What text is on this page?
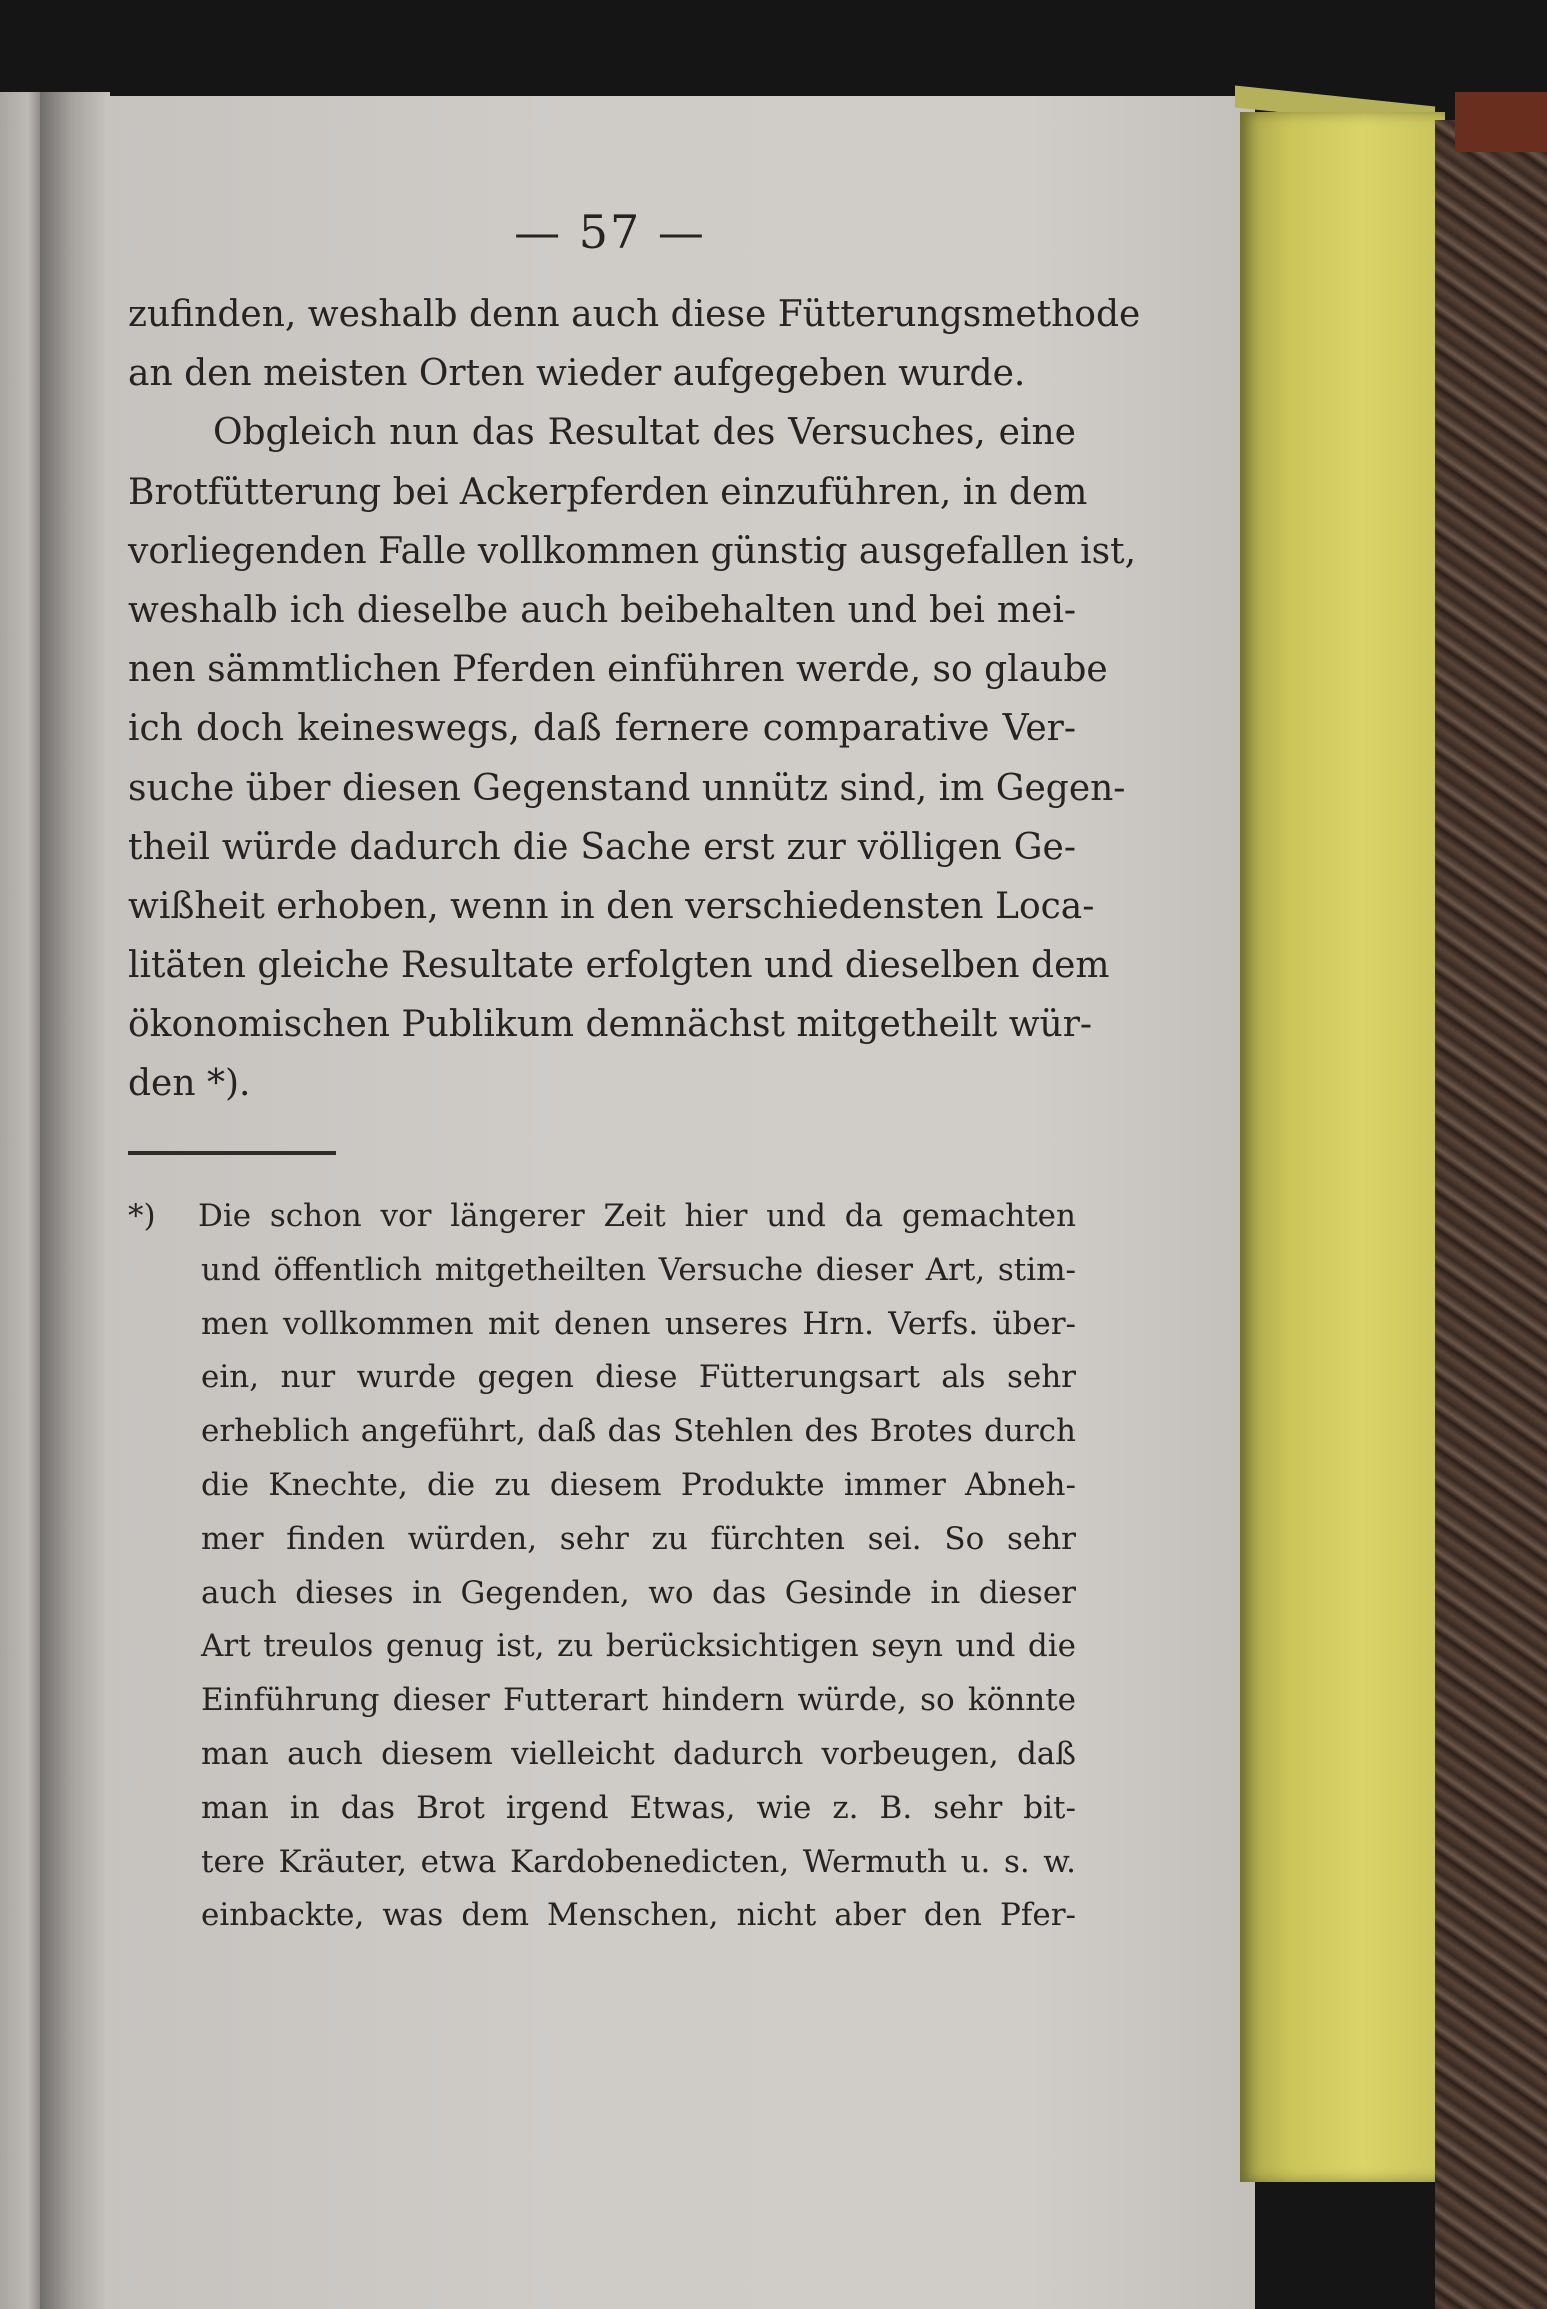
— 57 —
zufinden, weshalb denn auch diese Fütterungsmethode
an den meisten Orten wieder aufgegeben wurde.
Obgleich nun das Resultat des Versuches, eine
Brotfütterung bei Ackerpferden einzuführen, in dem
vorliegenden Falle vollkommen günstig ausgefallen ist,
weshalb ich dieselbe auch beibehalten und bei mei-
nen sämmtlichen Pferden einführen werde, so glaube
ich doch keineswegs, daß fernere comparative Ver-
suche über diesen Gegenstand unnütz sind, im Gegen-
theil würde dadurch die Sache erst zur völligen Ge-
wißheit erhoben, wenn in den verschiedensten Loca-
litäten gleiche Resultate erfolgten und dieselben dem
ökonomischen Publikum demnächst mitgetheilt wür-
den *).
*) Die schon vor längerer Zeit hier und da gemachten
und öffentlich mitgetheilten Versuche dieser Art, stim-
men vollkommen mit denen unseres Hrn. Verfs. über-
ein, nur wurde gegen diese Fütterungsart als sehr
erheblich angeführt, daß das Stehlen des Brotes durch
die Knechte, die zu diesem Produkte immer Abneh-
mer finden würden, sehr zu fürchten sei. So sehr
auch dieses in Gegenden, wo das Gesinde in dieser
Art treulos genug ist, zu berücksichtigen seyn und die
Einführung dieser Futterart hindern würde, so könnte
man auch diesem vielleicht dadurch vorbeugen, daß
man in das Brot irgend Etwas, wie z. B. sehr bit-
tere Kräuter, etwa Kardobenedicten, Wermuth u. s. w.
einbackte, was dem Menschen, nicht aber den Pfer-
